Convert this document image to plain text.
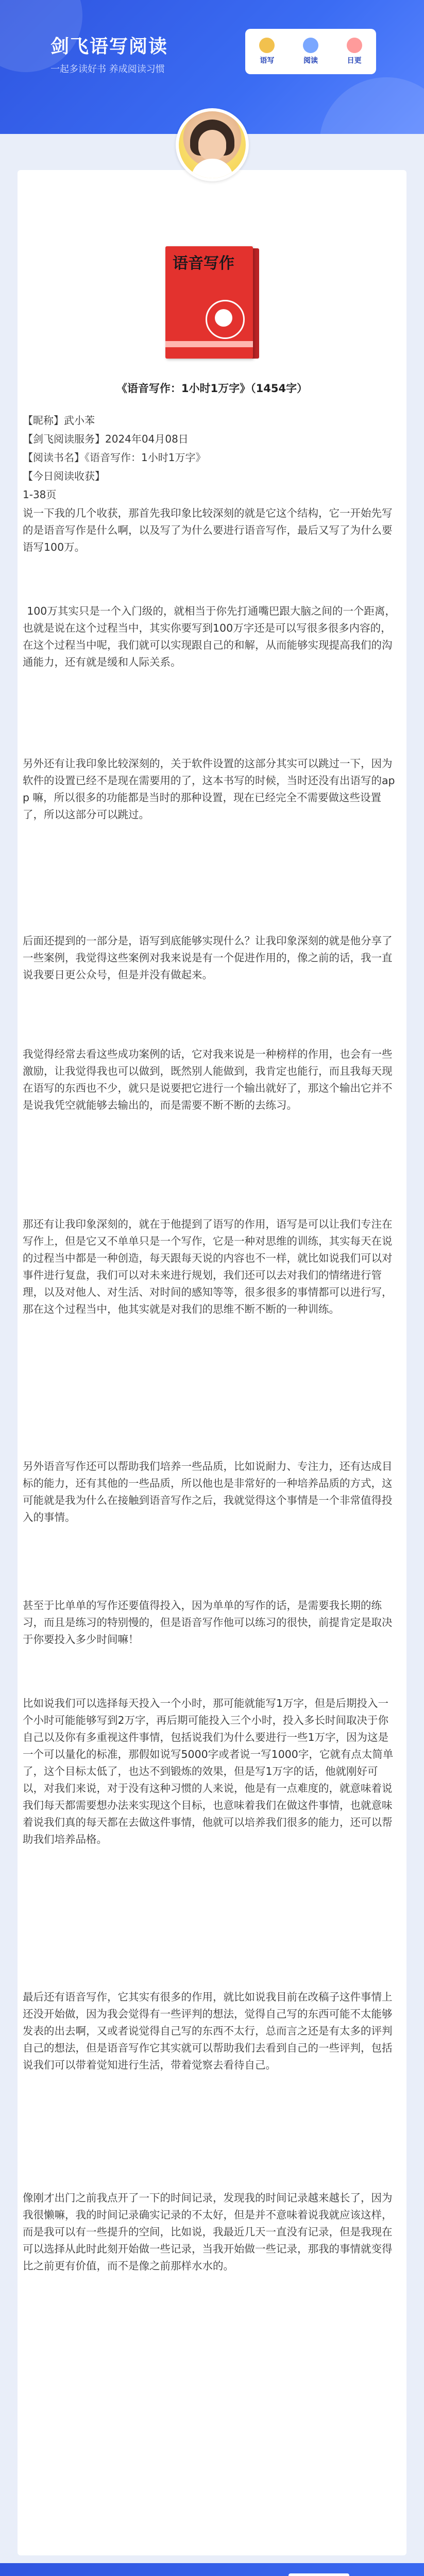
剑飞语写阅读
一起多读好书 养成阅读习惯
语写	阅读	日更
语音写作
《语音写作：1小时1万字》（1454字）
【昵称】武小苯
【剑飞阅读服务】2024年04月08日
【阅读书名】《语音写作：1小时1万字》
【今日阅读收获】
1-38页

说一下我的几个收获，那首先我印象比较深刻的就是它这个结构，它一开始先写的是语音写作是什么啊，以及写了为什么要进行语音写作，最后又写了为什么要语写100万。

100万其实只是一个入门级的，就相当于你先打通嘴巴跟大脑之间的一个距离，也就是说在这个过程当中，其实你要写到100万字还是可以写很多很多内容的，在这个过程当中呢，我们就可以实现跟自己的和解，从而能够实现提高我们的沟通能力，还有就是缓和人际关系。

另外还有让我印象比较深刻的，关于软件设置的这部分其实可以跳过一下，因为软件的设置已经不是现在需要用的了，这本书写的时候，当时还没有出语写的app 嘛，所以很多的功能都是当时的那种设置，现在已经完全不需要做这些设置了，所以这部分可以跳过。

后面还提到的一部分是，语写到底能够实现什么？让我印象深刻的就是他分享了一些案例，我觉得这些案例对我来说是有一个促进作用的，像之前的话，我一直说我要日更公众号，但是并没有做起来。

我觉得经常去看这些成功案例的话，它对我来说是一种榜样的作用，也会有一些激励，让我觉得我也可以做到，既然别人能做到，我肯定也能行，而且我每天现在语写的东西也不少，就只是说要把它进行一个输出就好了，那这个输出它并不是说我凭空就能够去输出的，而是需要不断不断的去练习。

那还有让我印象深刻的，就在于他提到了语写的作用，语写是可以让我们专注在写作上，但是它又不单单只是一个写作，它是一种对思维的训练，其实每天在说的过程当中都是一种创造，每天跟每天说的内容也不一样，就比如说我们可以对事件进行复盘，我们可以对未来进行规划，我们还可以去对我们的情绪进行管理，以及对他人、对生活、对时间的感知等等，很多很多的事情都可以进行写，那在这个过程当中，他其实就是对我们的思维不断不断的一种训练。

另外语音写作还可以帮助我们培养一些品质，比如说耐力、专注力，还有达成目标的能力，还有其他的一些品质，所以他也是非常好的一种培养品质的方式，这可能就是我为什么在接触到语音写作之后，我就觉得这个事情是一个非常值得投入的事情。

甚至于比单单的写作还要值得投入，因为单单的写作的话，是需要我长期的练习，而且是练习的特别慢的，但是语音写作他可以练习的很快，前提肯定是取决于你要投入多少时间嘛！

比如说我们可以选择每天投入一个小时，那可能就能写1万字，但是后期投入一个小时可能能够写到2万字，再后期可能投入三个小时，投入多长时间取决于你自己以及你有多重视这件事情，包括说我们为什么要进行一些1万字，因为这是一个可以量化的标准，那假如说写5000字或者说一写1000字，它就有点太简单了，这个目标太低了，也达不到锻炼的效果，但是写1万字的话，他就刚好可以，对我们来说，对于没有这种习惯的人来说，他是有一点难度的，就意味着说我们每天都需要想办法来实现这个目标，也意味着我们在做这件事情，也就意味着说我们真的每天都在去做这件事情，他就可以培养我们很多的能力，还可以帮助我们培养品格。

最后还有语音写作，它其实有很多的作用，就比如说我目前在改稿子这件事情上还没开始做，因为我会觉得有一些评判的想法，觉得自己写的东西可能不太能够发表的出去啊，又或者说觉得自己写的东西不太行，总而言之还是有太多的评判自己的想法，但是语音写作它其实就可以帮助我们去看到自己的一些评判，包括说我们可以带着觉知进行生活，带着觉察去看待自己。

像刚才出门之前我点开了一下的时间记录，发现我的时间记录越来越长了，因为我很懒嘛，我的时间记录确实记录的不太好，但是并不意味着说我就应该这样，而是我可以有一些提升的空间，比如说，我最近几天一直没有记录，但是我现在可以选择从此时此刻开始做一些记录，当我开始做一些记录，那我的事情就变得比之前更有价值，而不是像之前那样水水的。
